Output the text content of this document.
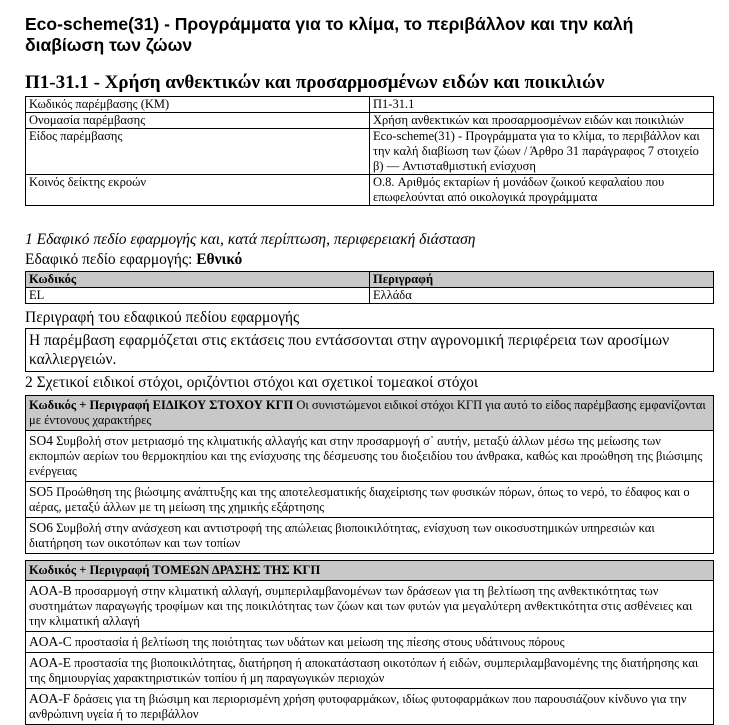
Eco-scheme(31) - Προγράμματα για το κλίμα, το περιβάλλον και την καλή διαβίωση των ζώων
Π1-31.1 - Χρήση ανθεκτικών και προσαρμοσμένων ειδών και ποικιλιών
Κωδικός παρέμβασης (ΚΜ)	Π1-31.1
Ονομασία παρέμβασης	Χρήση ανθεκτικών και προσαρμοσμένων ειδών και ποικιλιών
Είδος παρέμβασης	Eco-scheme(31) - Προγράμματα για το κλίμα, το περιβάλλον και την καλή διαβίωση των ζώων / Άρθρο 31 παράγραφος 7 στοιχείο β) — Αντισταθμιστική ενίσχυση
Κοινός δείκτης εκροών	O.8. Αριθμός εκταρίων ή μονάδων ζωικού κεφαλαίου που επωφελούνται από οικολογικά προγράμματα
1 Εδαφικό πεδίο εφαρμογής και, κατά περίπτωση, περιφερειακή διάσταση
Εδαφικό πεδίο εφαρμογής: Εθνικό
Κωδικός	Περιγραφή
EL	Ελλάδα
Περιγραφή του εδαφικού πεδίου εφαρμογής
Η παρέμβαση εφαρμόζεται στις εκτάσεις που εντάσσονται στην αγρονομική περιφέρεια των αροσίμων καλλιεργειών.
2 Σχετικοί ειδικοί στόχοι, οριζόντιοι στόχοι και σχετικοί τομεακοί στόχοι
Κωδικός + Περιγραφή ΕΙΔΙΚΟΥ ΣΤΟΧΟΥ ΚΓΠ Οι συνιστώμενοι ειδικοί στόχοι ΚΓΠ για αυτό το είδος παρέμβασης εμφανίζονται με έντονους χαρακτήρες
SO4 Συμβολή στον μετριασμό της κλιματικής αλλαγής και στην προσαρμογή σ᾽ αυτήν, μεταξύ άλλων μέσω της μείωσης των εκπομπών αερίων του θερμοκηπίου και της ενίσχυσης της δέσμευσης του διοξειδίου του άνθρακα, καθώς και προώθηση της βιώσιμης ενέργειας
SO5 Προώθηση της βιώσιμης ανάπτυξης και της αποτελεσματικής διαχείρισης των φυσικών πόρων, όπως το νερό, το έδαφος και ο αέρας, μεταξύ άλλων με τη μείωση της χημικής εξάρτησης
SO6 Συμβολή στην ανάσχεση και αντιστροφή της απώλειας βιοποικιλότητας, ενίσχυση των οικοσυστημικών υπηρεσιών και διατήρηση των οικοτόπων και των τοπίων

Κωδικός + Περιγραφή ΤΟΜΕΩΝ ΔΡΑΣΗΣ ΤΗΣ ΚΓΠ
AOA-B προσαρμογή στην κλιματική αλλαγή, συμπεριλαμβανομένων των δράσεων για τη βελτίωση της ανθεκτικότητας των συστημάτων παραγωγής τροφίμων και της ποικιλότητας των ζώων και των φυτών για μεγαλύτερη ανθεκτικότητα στις ασθένειες και την κλιματική αλλαγή
AOA-C προστασία ή βελτίωση της ποιότητας των υδάτων και μείωση της πίεσης στους υδάτινους πόρους
AOA-E προστασία της βιοποικιλότητας, διατήρηση ή αποκατάσταση οικοτόπων ή ειδών, συμπεριλαμβανομένης της διατήρησης και της δημιουργίας χαρακτηριστικών τοπίου ή μη παραγωγικών περιοχών
AOA-F δράσεις για τη βιώσιμη και περιορισμένη χρήση φυτοφαρμάκων, ιδίως φυτοφαρμάκων που παρουσιάζουν κίνδυνο για την ανθρώπινη υγεία ή το περιβάλλον
